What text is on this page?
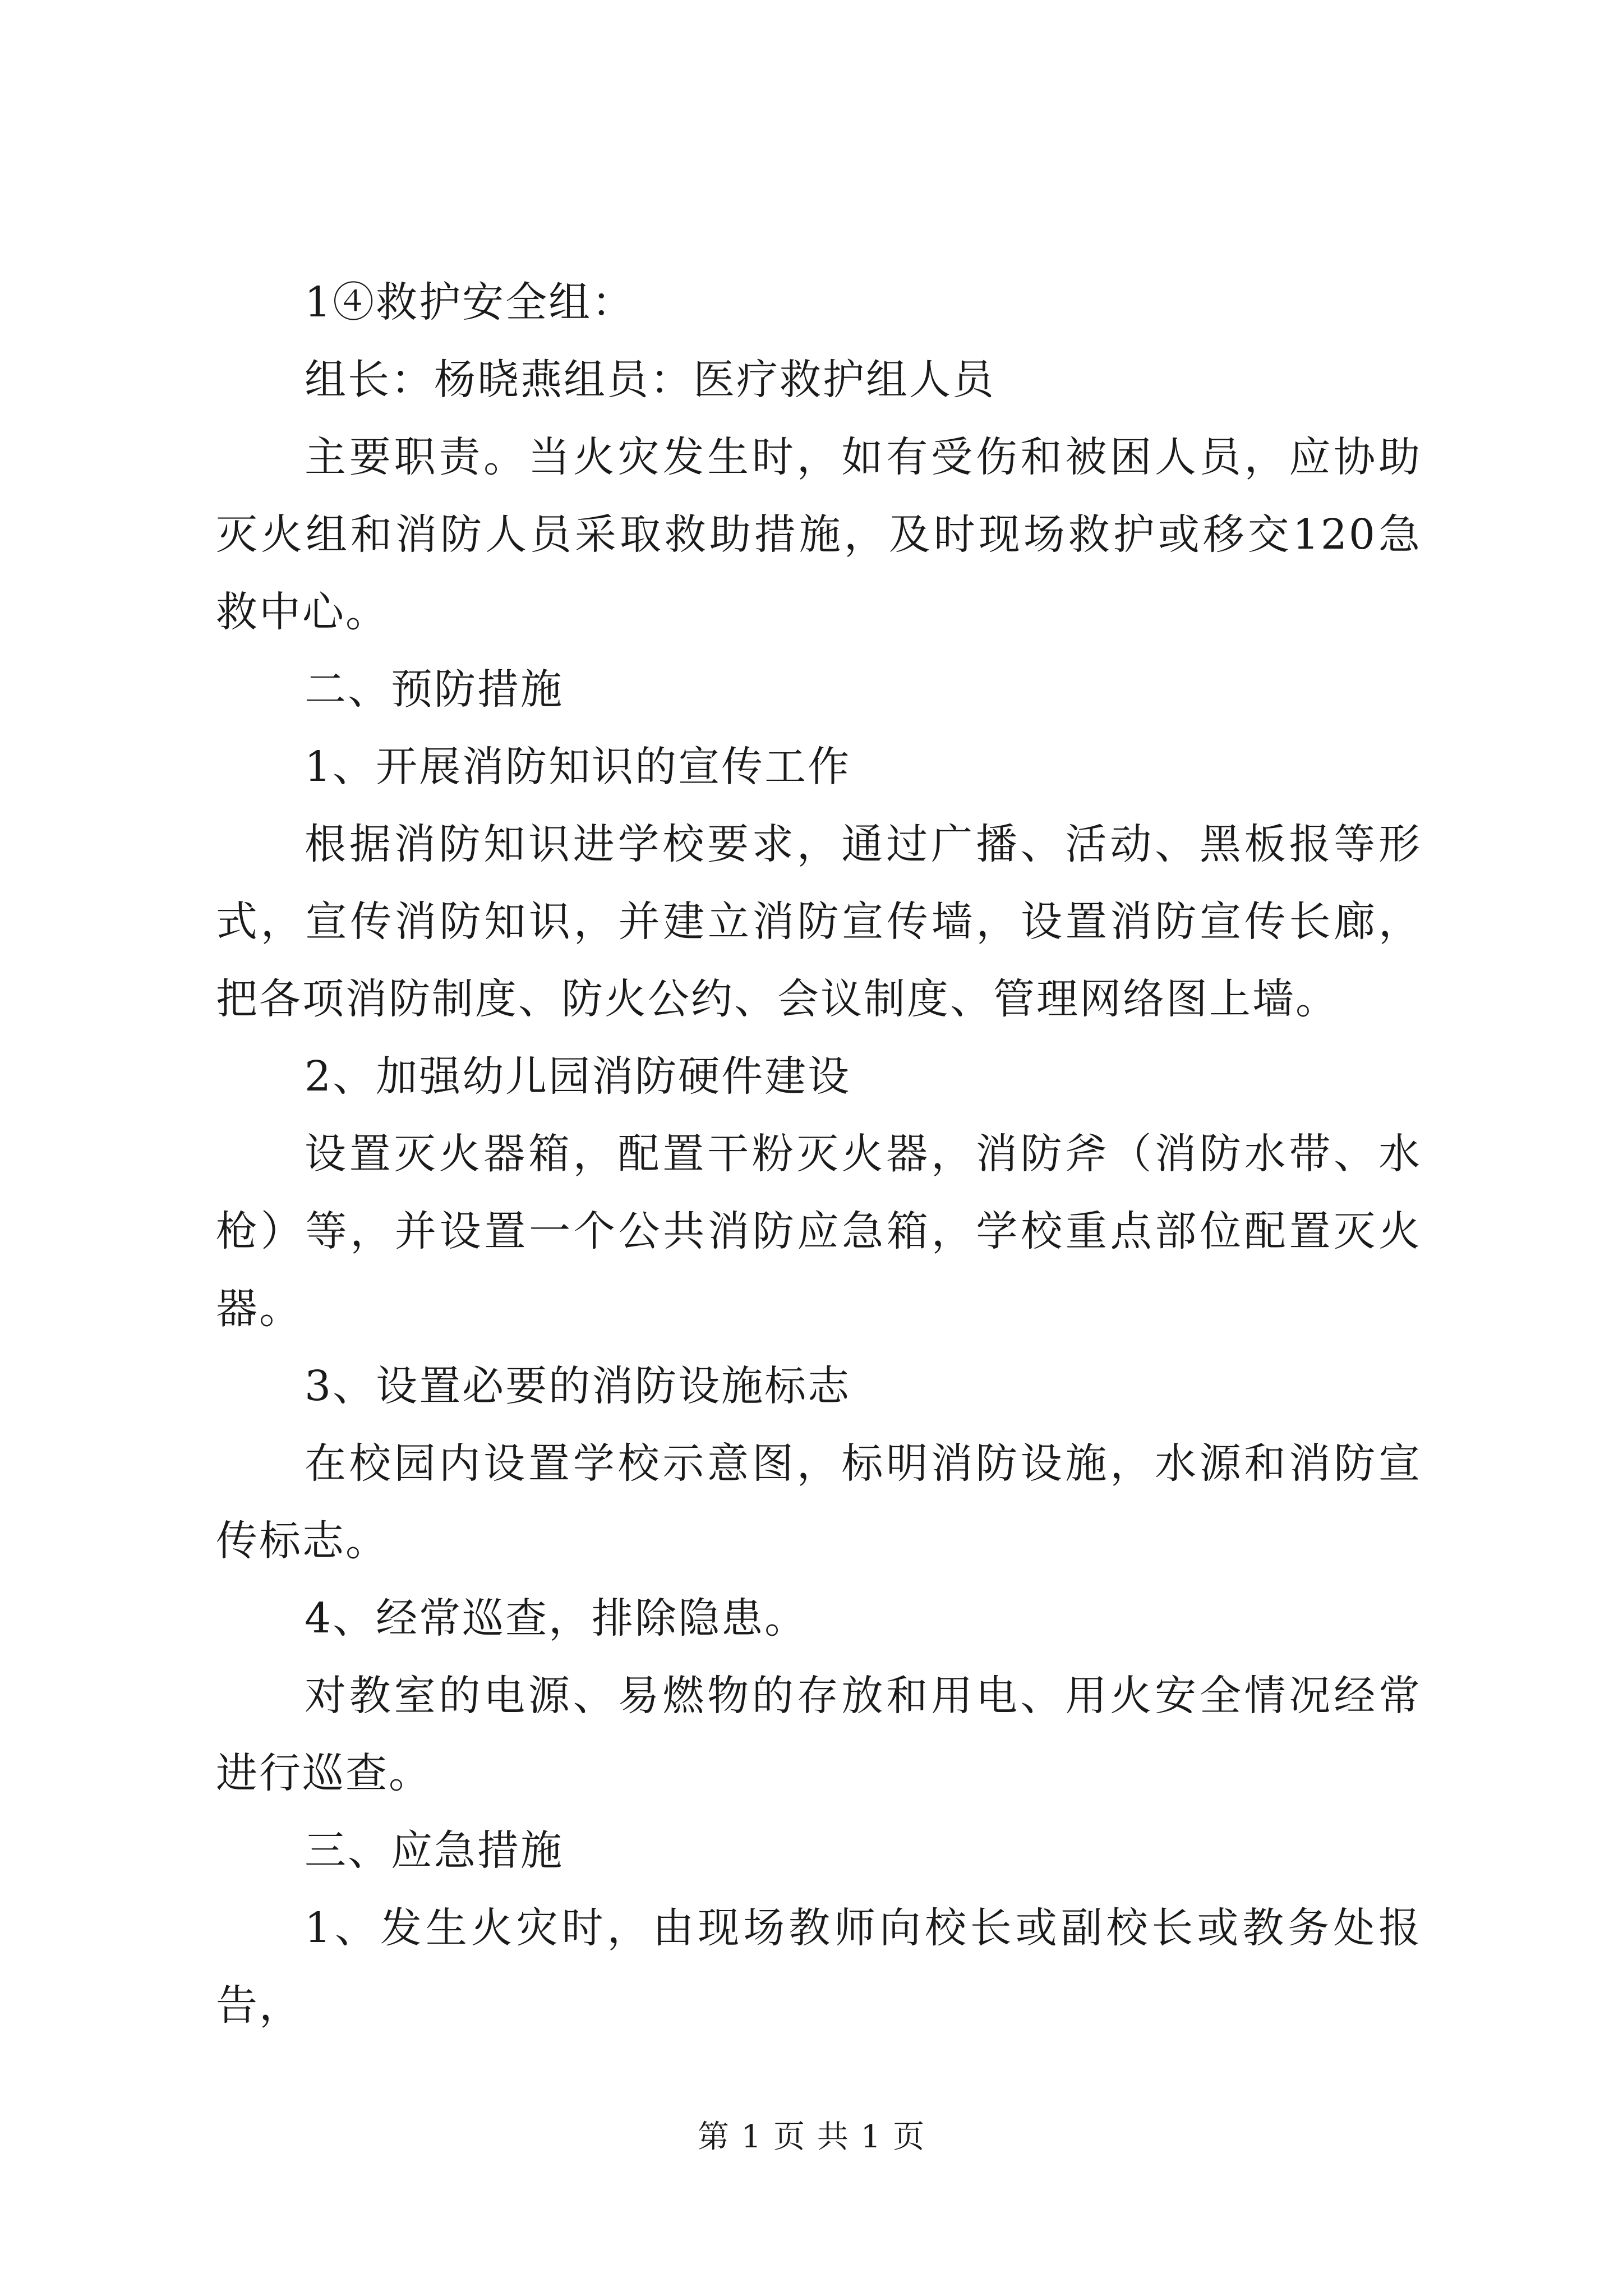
1④救护安全组：

组长：杨晓燕组员：医疗救护组人员

主要职责。当火灾发生时，如有受伤和被困人员，应协助灭火组和消防人员采取救助措施，及时现场救护或移交120急救中心。

二、预防措施

1、开展消防知识的宣传工作

根据消防知识进学校要求，通过广播、活动、黑板报等形式，宣传消防知识，并建立消防宣传墙，设置消防宣传长廊，把各项消防制度、防火公约、会议制度、管理网络图上墙。

2、加强幼儿园消防硬件建设

设置灭火器箱，配置干粉灭火器，消防斧（消防水带、水枪）等，并设置一个公共消防应急箱，学校重点部位配置灭火器。

3、设置必要的消防设施标志

在校园内设置学校示意图，标明消防设施，水源和消防宣传标志。

4、经常巡查，排除隐患。

对教室的电源、易燃物的存放和用电、用火安全情况经常进行巡查。

三、应急措施

1、发生火灾时，由现场教师向校长或副校长或教务处报告，

第 1 页 共 1 页
